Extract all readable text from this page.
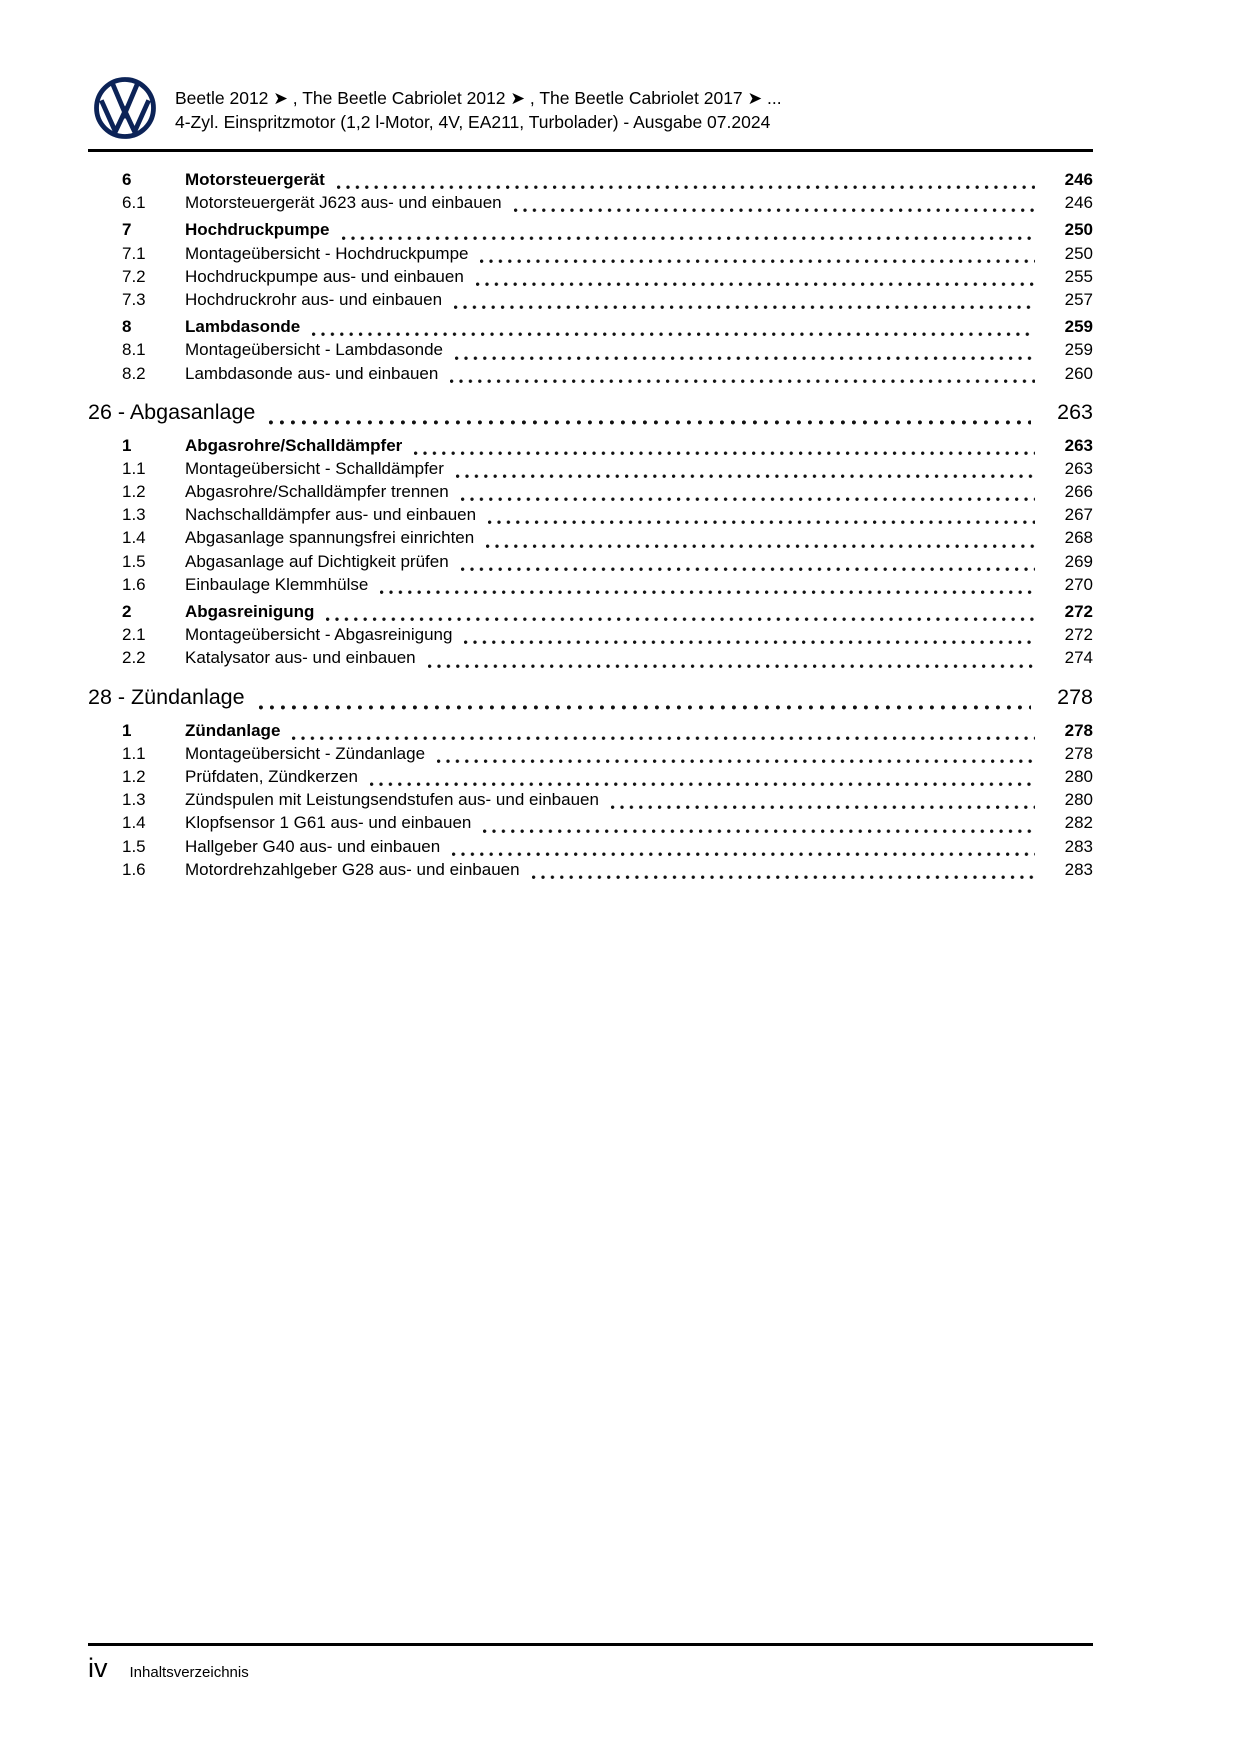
Beetle 2012 ➤ , The Beetle Cabriolet 2012 ➤ , The Beetle Cabriolet 2017 ➤ ...
4-Zyl. Einspritzmotor (1,2 l-Motor, 4V, EA211, Turbolader) - Ausgabe 07.2024
6	Motorsteuergerät	246
6.1	Motorsteuergerät J623 aus- und einbauen	246
7	Hochdruckpumpe	250
7.1	Montageübersicht - Hochdruckpumpe	250
7.2	Hochdruckpumpe aus- und einbauen	255
7.3	Hochdruckrohr aus- und einbauen	257
8	Lambdasonde	259
8.1	Montageübersicht - Lambdasonde	259
8.2	Lambdasonde aus- und einbauen	260
26 - Abgasanlage	263
1	Abgasrohre/Schalldämpfer	263
1.1	Montageübersicht - Schalldämpfer	263
1.2	Abgasrohre/Schalldämpfer trennen	266
1.3	Nachschalldämpfer aus- und einbauen	267
1.4	Abgasanlage spannungsfrei einrichten	268
1.5	Abgasanlage auf Dichtigkeit prüfen	269
1.6	Einbaulage Klemmhülse	270
2	Abgasreinigung	272
2.1	Montageübersicht - Abgasreinigung	272
2.2	Katalysator aus- und einbauen	274
28 - Zündanlage	278
1	Zündanlage	278
1.1	Montageübersicht - Zündanlage	278
1.2	Prüfdaten, Zündkerzen	280
1.3	Zündspulen mit Leistungsendstufen aus- und einbauen	280
1.4	Klopfsensor 1 G61 aus- und einbauen	282
1.5	Hallgeber G40 aus- und einbauen	283
1.6	Motordrehzahlgeber G28 aus- und einbauen	283
iv Inhaltsverzeichnis
